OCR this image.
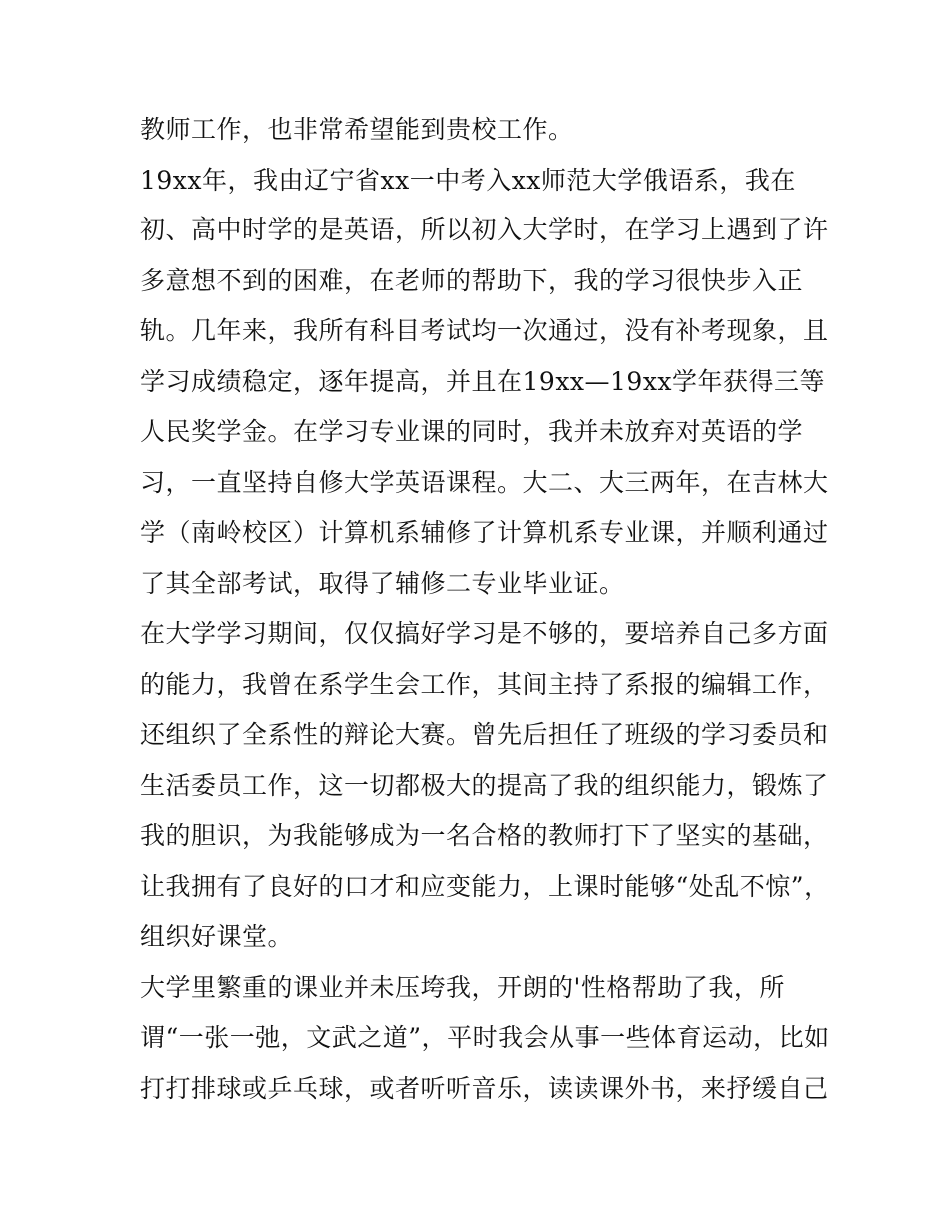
教师工作，也非常希望能到贵校工作。
19xx年，我由辽宁省xx一中考入xx师范大学俄语系，我在
初、高中时学的是英语，所以初入大学时，在学习上遇到了许
多意想不到的困难，在老师的帮助下，我的学习很快步入正
轨。几年来，我所有科目考试均一次通过，没有补考现象，且
学习成绩稳定，逐年提高，并且在19xx—19xx学年获得三等
人民奖学金。在学习专业课的同时，我并未放弃对英语的学
习，一直坚持自修大学英语课程。大二、大三两年，在吉林大
学（南岭校区）计算机系辅修了计算机系专业课，并顺利通过
了其全部考试，取得了辅修二专业毕业证。
在大学学习期间，仅仅搞好学习是不够的，要培养自己多方面
的能力，我曾在系学生会工作，其间主持了系报的编辑工作，
还组织了全系性的辩论大赛。曾先后担任了班级的学习委员和
生活委员工作，这一切都极大的提高了我的组织能力，锻炼了
我的胆识，为我能够成为一名合格的教师打下了坚实的基础，
让我拥有了良好的口才和应变能力，上课时能够“处乱不惊”，
组织好课堂。
大学里繁重的课业并未压垮我，开朗的'性格帮助了我，所
谓“一张一弛，文武之道”，平时我会从事一些体育运动，比如
打打排球或乒乓球，或者听听音乐，读读课外书，来抒缓自己
